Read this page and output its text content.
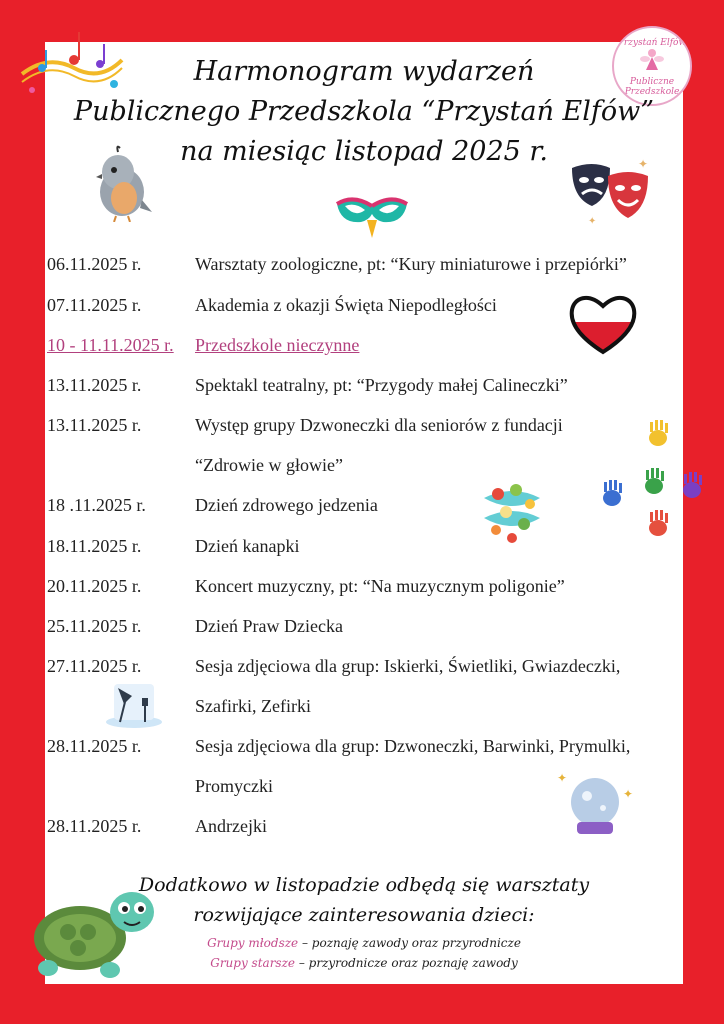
Przystań Elfów
Publiczne Przedszkole
Harmonogram wydarzeń
Publicznego Przedszkola “Przystań Elfów”
na miesiąc listopad 2025 r.	✦
✦
06.11.2025 r.	Warsztaty zoologiczne, pt: “Kury miniaturowe i przepiórki”
07.11.2025 r.	Akademia z okazji Święta Niepodległości
10 - 11.11.2025 r. Przedszkole nieczynne
13.11.2025 r.	Spektakl teatralny, pt: “Przygody małej Calineczki”
13.11.2025 r.	Występ grupy Dzwoneczki dla seniorów z fundacji
“Zdrowie w głowie”
18 .11.2025 r.	Dzień zdrowego jedzenia
18.11.2025 r.	Dzień kanapki
20.11.2025 r.	Koncert muzyczny, pt: “Na muzycznym poligonie”
25.11.2025 r.	Dzień Praw Dziecka
27.11.2025 r.	Sesja zdjęciowa dla grup: Iskierki, Świetliki, Gwiazdeczki,
Szafirki, Zefirki
28.11.2025 r.	Sesja zdjęciowa dla grup: Dzwoneczki, Barwinki, Prymulki,
Promyczki
28.11.2025 r.	Andrzejki
✦
✦
Dodatkowo w listopadzie odbędą się warsztaty
rozwijające zainteresowania dzieci:
Grupy młodsze – poznaję zawody oraz przyrodnicze
Grupy starsze – przyrodnicze oraz poznaję zawody
